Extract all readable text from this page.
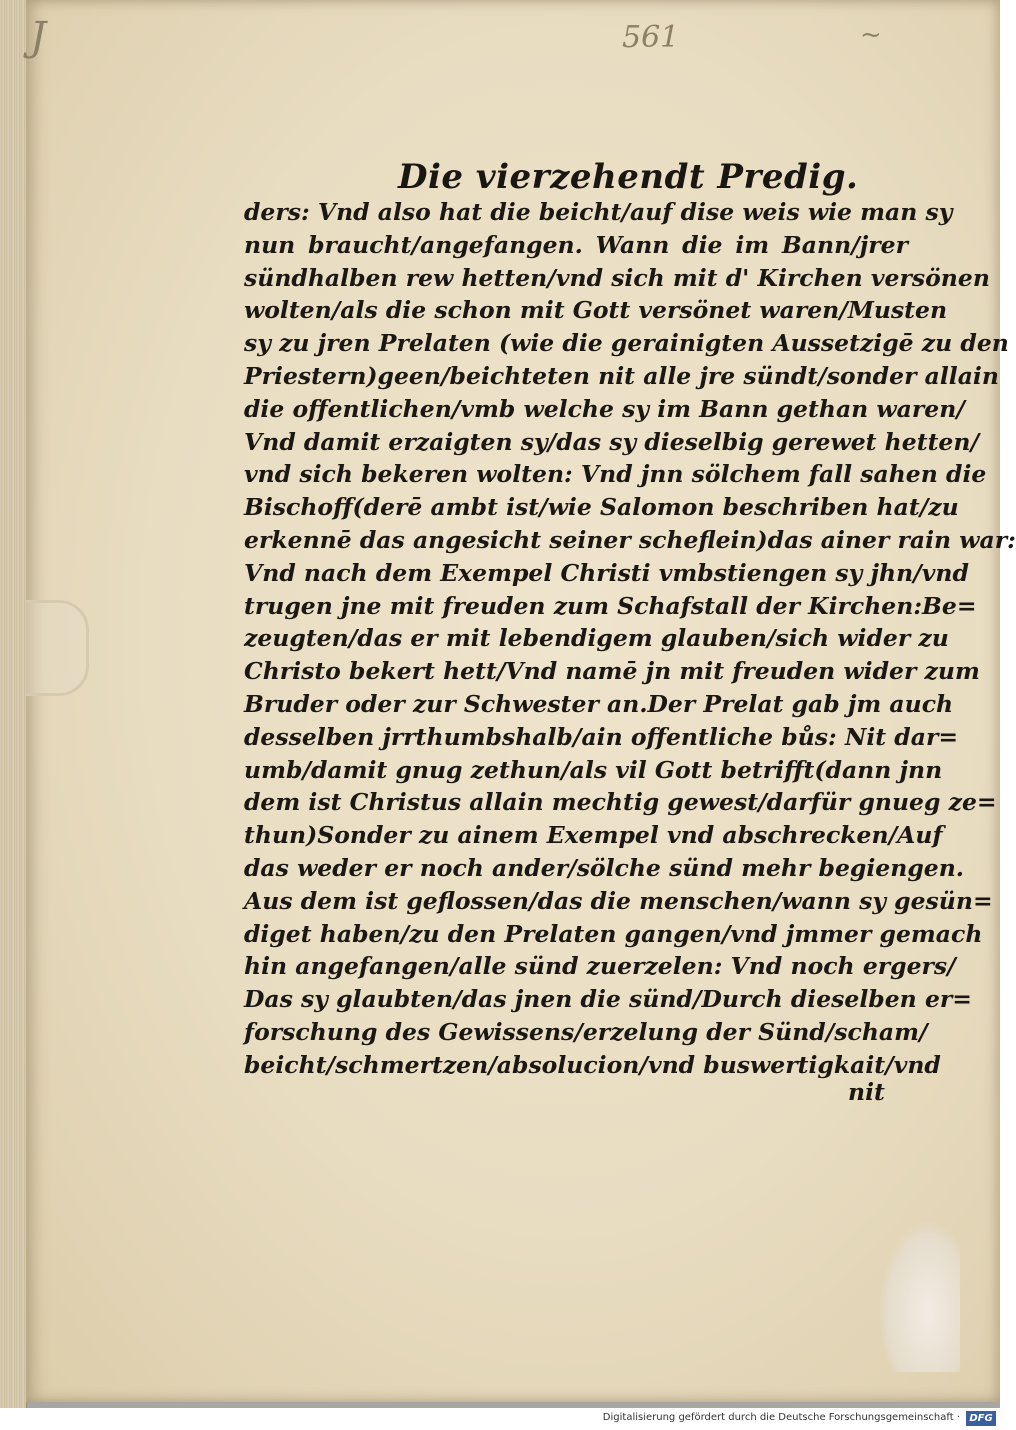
J	561	~
Die vierzehendt Predig.
ders: Vnd also hat die beicht/auf dise weis wie man sy
nun braucht/angefangen. Wann die im Bann/jrer
sündhalben rew hetten/vnd sich mit d' Kirchen versönen
wolten/als die schon mit Gott versönet waren/Musten
sy zu jren Prelaten (wie die gerainigten Aussetzigē zu den
Priestern)geen/beichteten nit alle jre sündt/sonder allain
die offentlichen/vmb welche sy im Bann gethan waren/
Vnd damit erzaigten sy/das sy dieselbig gerewet hetten/
vnd sich bekeren wolten: Vnd jnn sölchem fall sahen die
Bischoff(derē ambt ist/wie Salomon beschriben hat/zu
erkennē das angesicht seiner scheflein)das ainer rain war:
Vnd nach dem Exempel Christi vmbstiengen sy jhn/vnd
trugen jne mit freuden zum Schafstall der Kirchen:Be=
zeugten/das er mit lebendigem glauben/sich wider zu
Christo bekert hett/Vnd namē jn mit freuden wider zum
Bruder oder zur Schwester an.Der Prelat gab jm auch
desselben jrrthumbshalb/ain offentliche bůs: Nit dar=
umb/damit gnug zethun/als vil Gott betrifft(dann jnn
dem ist Christus allain mechtig gewest/darfür gnueg ze=
thun)Sonder zu ainem Exempel vnd abschrecken/Auf
das weder er noch ander/sölche sünd mehr begiengen.
Aus dem ist geflossen/das die menschen/wann sy gesün=
diget haben/zu den Prelaten gangen/vnd jmmer gemach
hin angefangen/alle sünd zuerzelen: Vnd noch ergers/
Das sy glaubten/das jnen die sünd/Durch dieselben er=
forschung des Gewissens/erzelung der Sünd/scham/
beicht/schmertzen/absolucion/vnd buswertigkait/vnd
nit
Digitalisierung gefördert durch die Deutsche Forschungsgemeinschaft · DFG
